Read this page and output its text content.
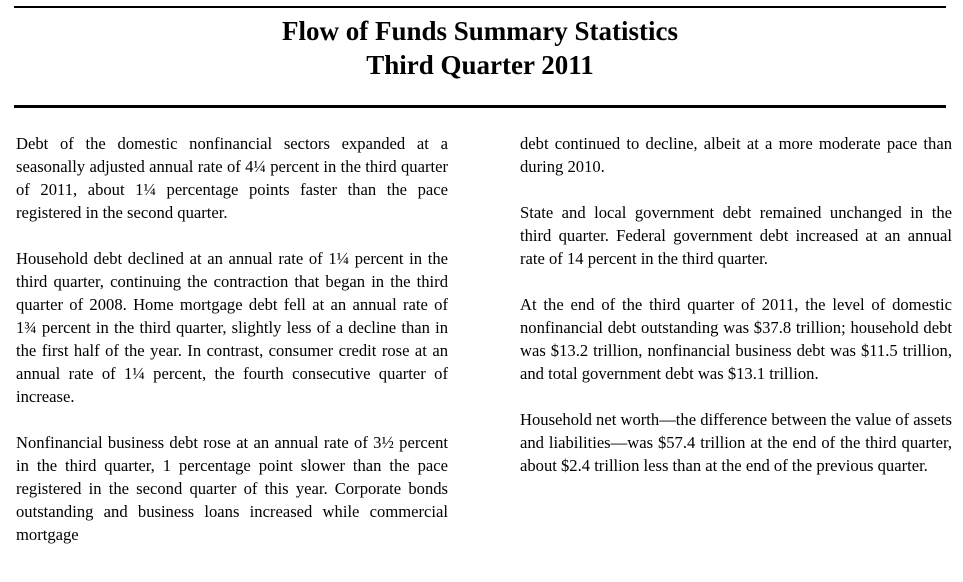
Flow of Funds Summary Statistics
Third Quarter 2011

Debt of the domestic nonfinancial sectors expanded at a seasonally adjusted annual rate of 4¼ percent in the third quarter of 2011, about 1¼ percentage points faster than the pace registered in the second quarter.

Household debt declined at an annual rate of 1¼ percent in the third quarter, continuing the contraction that began in the third quarter of 2008. Home mortgage debt fell at an annual rate of 1¾ percent in the third quarter, slightly less of a decline than in the first half of the year. In contrast, consumer credit rose at an annual rate of 1¼ percent, the fourth consecutive quarter of increase.

Nonfinancial business debt rose at an annual rate of 3½ percent in the third quarter, 1 percentage point slower than the pace registered in the second quarter of this year. Corporate bonds outstanding and business loans increased while commercial mortgage

debt continued to decline, albeit at a more moderate pace than during 2010.

State and local government debt remained unchanged in the third quarter. Federal government debt increased at an annual rate of 14 percent in the third quarter.

At the end of the third quarter of 2011, the level of domestic nonfinancial debt outstanding was $37.8 trillion; household debt was $13.2 trillion, nonfinancial business debt was $11.5 trillion, and total government debt was $13.1 trillion.

Household net worth—the difference between the value of assets and liabilities—was $57.4 trillion at the end of the third quarter, about $2.4 trillion less than at the end of the previous quarter.
